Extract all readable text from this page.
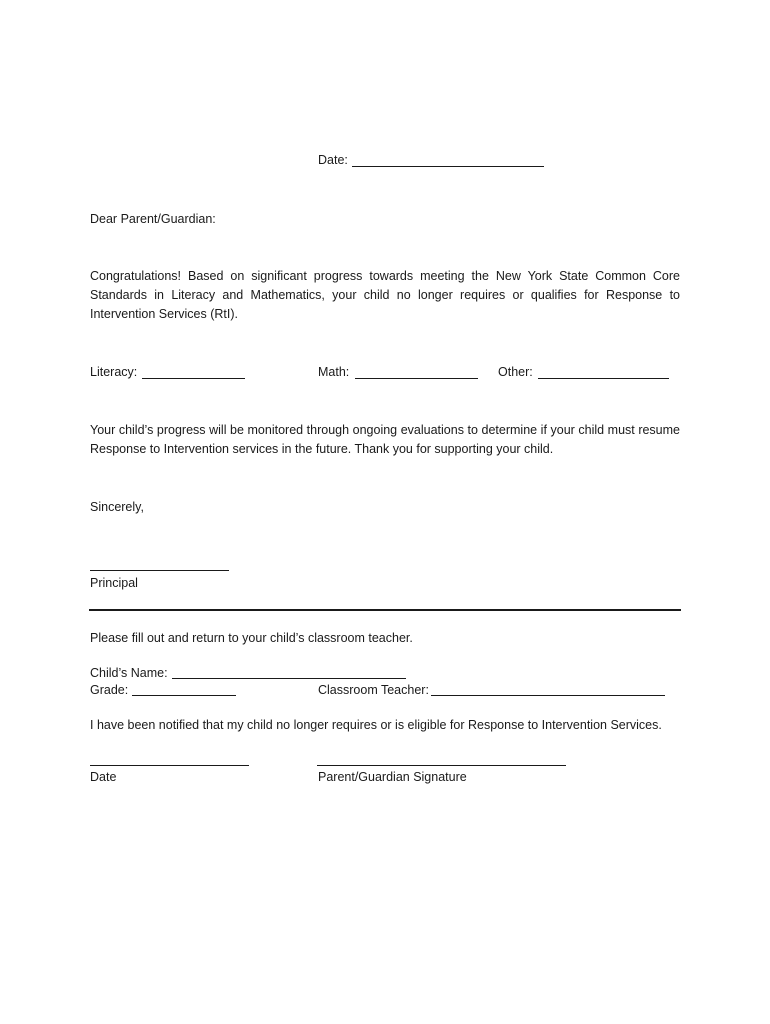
Date:
Dear Parent/Guardian:
Congratulations! Based on significant progress towards meeting the New York State Common Core Standards in Literacy and Mathematics, your child no longer requires or qualifies for Response to Intervention Services (RtI).
Literacy:	Math:	Other:
Your child’s progress will be monitored through ongoing evaluations to determine if your child must resume Response to Intervention services in the future. Thank you for supporting your child.
Sincerely,
Principal
Please fill out and return to your child’s classroom teacher.
Child’s Name:
Grade:	Classroom Teacher:
I have been notified that my child no longer requires or is eligible for Response to Intervention Services.
Date	Parent/Guardian Signature
